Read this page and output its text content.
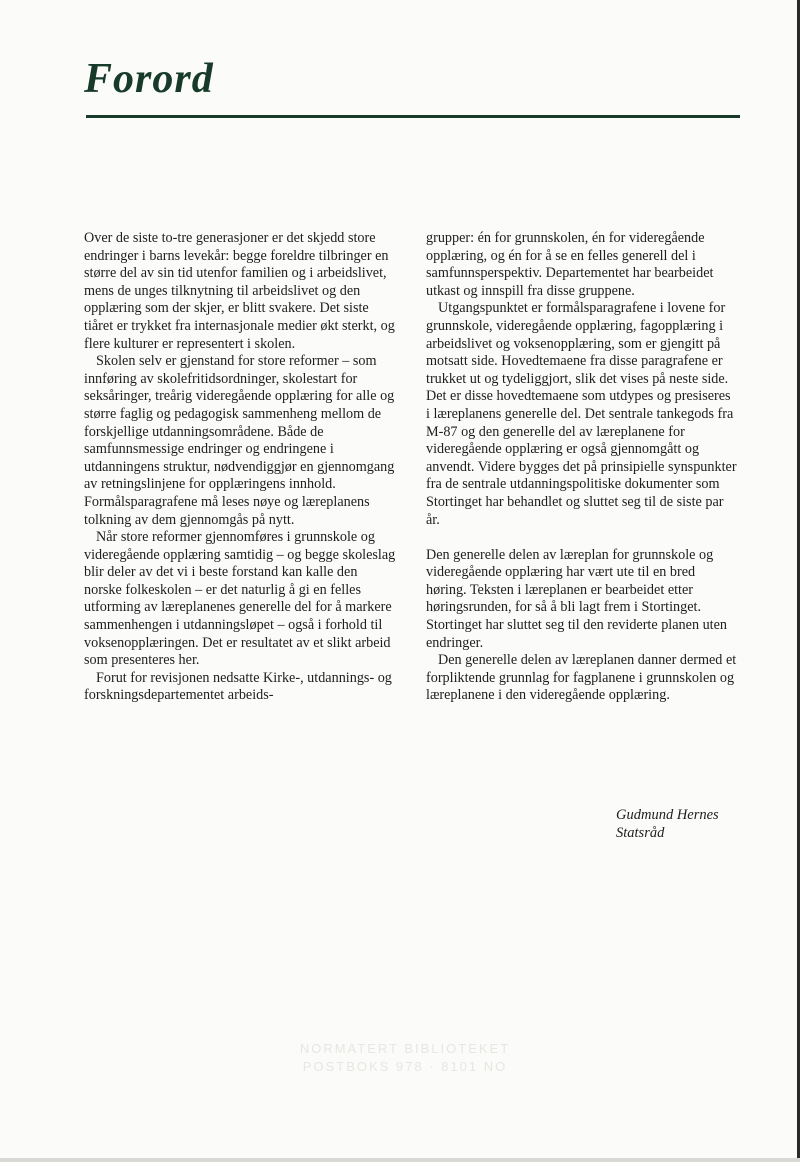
Forord

Over de siste to-tre generasjoner er det skjedd store endringer i barns levekår: begge foreldre tilbringer en større del av sin tid utenfor familien og i arbeidslivet, mens de unges tilknytning til arbeidslivet og den opplæring som der skjer, er blitt svakere. Det siste tiåret er trykket fra internasjonale medier økt sterkt, og flere kulturer er representert i skolen.

Skolen selv er gjenstand for store reformer – som innføring av skolefritidsordninger, skolestart for seksåringer, treårig videregående opplæring for alle og større faglig og pedagogisk sammenheng mellom de forskjellige utdanningsområdene. Både de samfunnsmessige endringer og endringene i utdanningens struktur, nødvendiggjør en gjennomgang av retningslinjene for opplæringens innhold. Formålsparagrafene må leses nøye og læreplanens tolkning av dem gjennomgås på nytt.

Når store reformer gjennomføres i grunnskole og videregående opplæring samtidig – og begge skoleslag blir deler av det vi i beste forstand kan kalle den norske folkeskolen – er det naturlig å gi en felles utforming av læreplanenes generelle del for å markere sammenhengen i utdanningsløpet – også i forhold til voksenopplæringen. Det er resultatet av et slikt arbeid som presenteres her.

Forut for revisjonen nedsatte Kirke-, utdannings- og forskningsdepartementet arbeids-

grupper: én for grunnskolen, én for videregående opplæring, og én for å se en felles generell del i samfunnsperspektiv. Departementet har bearbeidet utkast og innspill fra disse gruppene.

Utgangspunktet er formålsparagrafene i lovene for grunnskole, videregående opplæring, fagopplæring i arbeidslivet og voksenopplæring, som er gjengitt på motsatt side. Hovedtemaene fra disse paragrafene er trukket ut og tydeliggjort, slik det vises på neste side. Det er disse hovedtemaene som utdypes og presiseres i læreplanens generelle del. Det sentrale tankegods fra M-87 og den generelle del av læreplanene for videregående opplæring er også gjennomgått og anvendt. Videre bygges det på prinsipielle synspunkter fra de sentrale utdanningspolitiske dokumenter som Stortinget har behandlet og sluttet seg til de siste par år.

Den generelle delen av læreplan for grunnskole og videregående opplæring har vært ute til en bred høring. Teksten i læreplanen er bearbeidet etter høringsrunden, for så å bli lagt frem i Stortinget. Stortinget har sluttet seg til den reviderte planen uten endringer.

Den generelle delen av læreplanen danner dermed et forpliktende grunnlag for fagplanene i grunnskolen og læreplanene i den videregående opplæring.

Gudmund Hernes
Statsråd
NORMATERT BIBLIOTEKET
POSTBOKS 978 · 8101 NO
